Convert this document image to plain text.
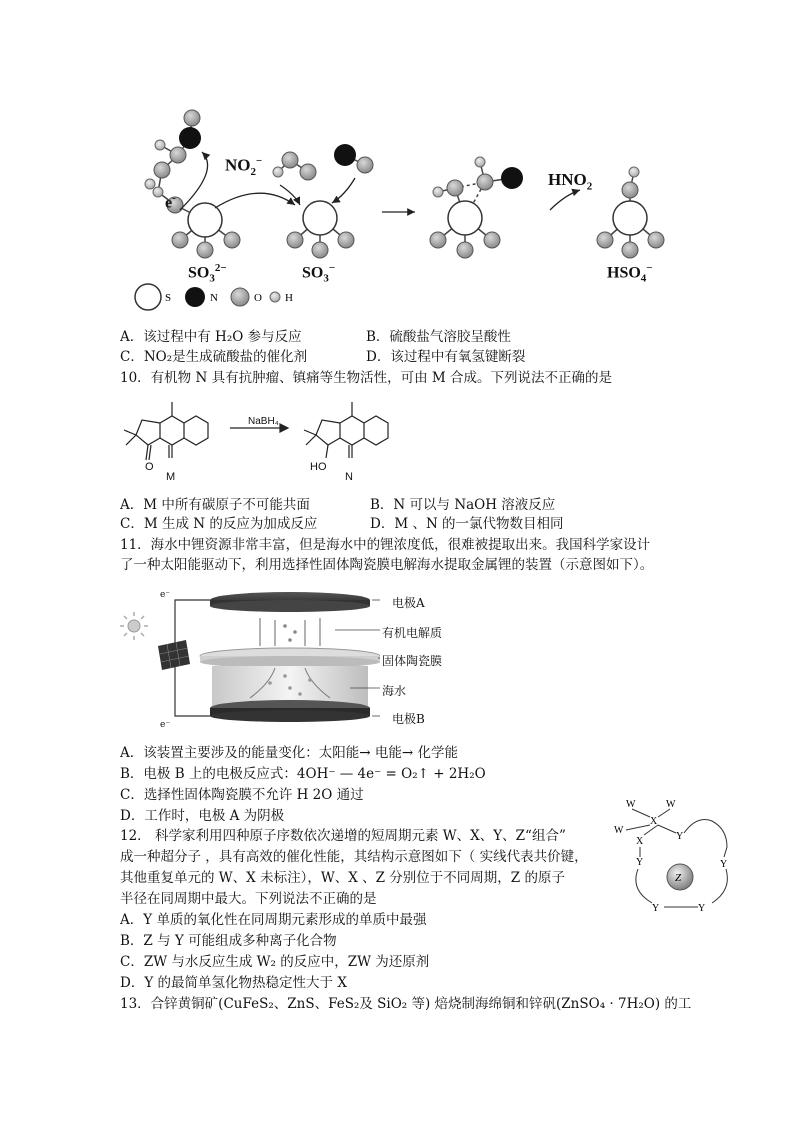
S	N	O H
$NO_2^-$
e-
$HNO_2$
$SO_3^{2-}$	$SO_3^-$	$HSO_4^-$
A．该过程中有 H₂O 参与反应	B．硫酸盐气溶胶呈酸性
C．NO₂是生成硫酸盐的催化剂	D．该过程中有氧氢键断裂
10．有机物 N 具有抗肿瘤、镇痛等生物活性，可由 M 合成。下列说法不正确的是
NaBH₄
O
M
HO
N
A．M 中所有碳原子不可能共面	B．N 可以与 NaOH 溶液反应
C．M 生成 N 的反应为加成反应	D．M 、N 的一氯代物数目相同
11．海水中锂资源非常丰富，但是海水中的锂浓度低，很难被提取出来。我国科学家设计
了一种太阳能驱动下，利用选择性固体陶瓷膜电解海水提取金属锂的装置（示意图如下）。
e⁻
e⁻
电极A
有机电解质
固体陶瓷膜
海水
电极B
A．该装置主要涉及的能量变化：太阳能→ 电能→ 化学能
B．电极 B 上的电极反应式：4OH⁻ — 4e⁻ = O₂↑ + 2H₂O
C．选择性固体陶瓷膜不允许 H 2O 通过
D．工作时，电极 A 为阴极
12． 科学家利用四种原子序数依次递增的短周期元素 W、X、Y、Z“组合”
成一种超分子 ，具有高效的催化性能，其结构示意图如下（ 实线代表共价键，
其他重复单元的 W、X 未标注），W、X 、Z 分别位于不同周期，Z 的原子
半径在同周期中最大。下列说法不正确的是
A．Y 单质的氧化性在同周期元素形成的单质中最强
B．Z 与 Y 可能组成多种离子化合物
C．ZW 与水反应生成 W₂ 的反应中，ZW 为还原剂
D．Y 的最简单氢化物热稳定性大于 X
W	W
W
X
X	Y
Y	Y
Y	Y
Z
13．合锌黄铜矿(CuFeS₂、ZnS、FeS₂及 SiO₂ 等) 焙烧制海绵铜和锌矾(ZnSO₄ · 7H₂O) 的工
